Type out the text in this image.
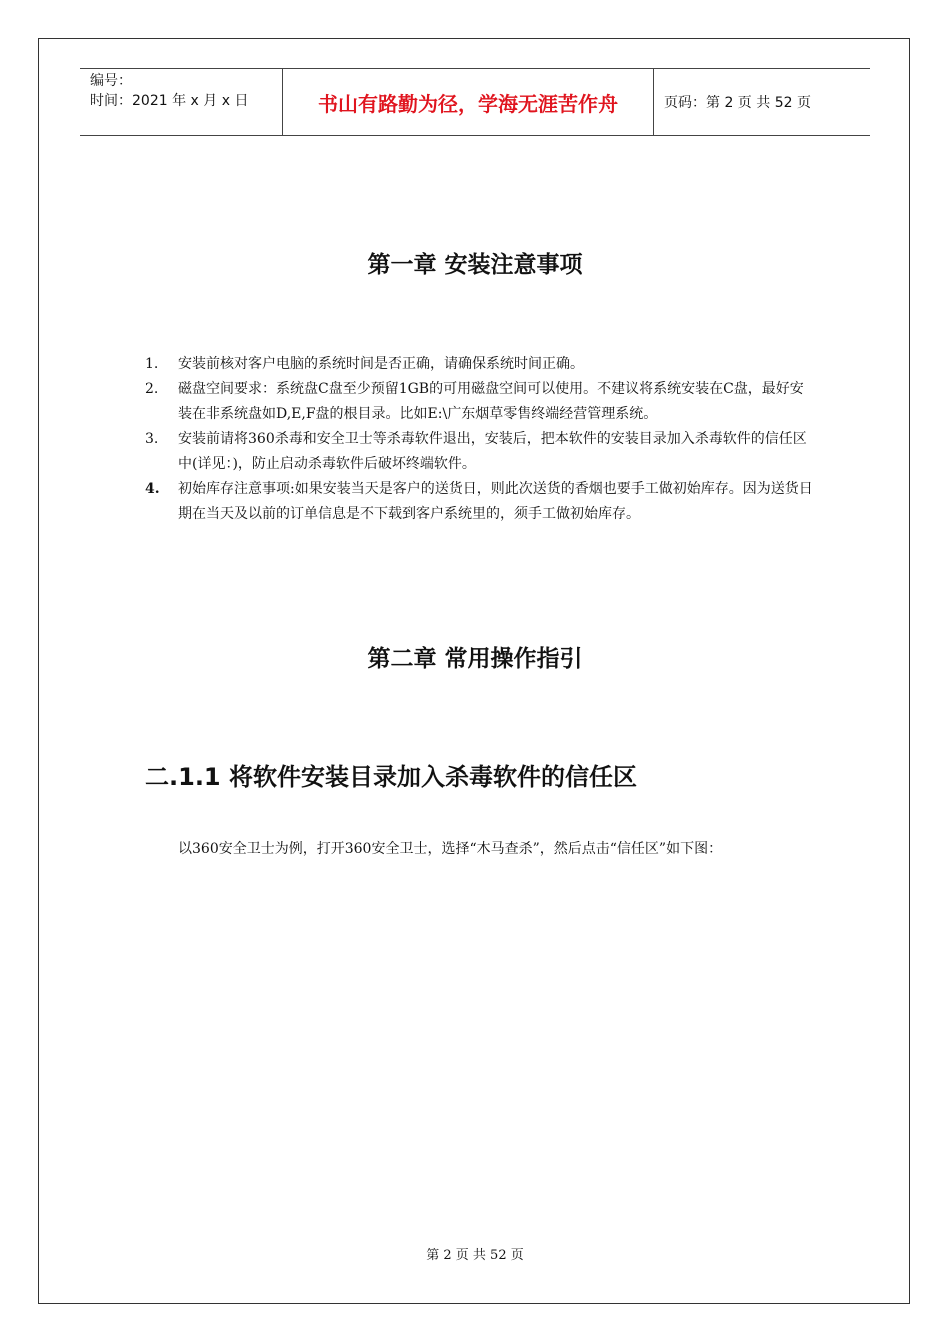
编号：
时间：2021 年 x 月 x 日	书山有路勤为径，学海无涯苦作舟	页码：第 2 页 共 52 页
第一章 安装注意事项
1.	安装前核对客户电脑的系统时间是否正确，请确保系统时间正确。
2.	磁盘空间要求：系统盘C盘至少预留1GB的可用磁盘空间可以使用。不建议将系统安装在C盘，最好安装在非系统盘如D,E,F盘的根目录。比如E:\广东烟草零售终端经营管理系统。
3.	安装前请将360杀毒和安全卫士等杀毒软件退出，安装后，把本软件的安装目录加入杀毒软件的信任区中(详见：)，防止启动杀毒软件后破坏终端软件。
4.	初始库存注意事项:如果安装当天是客户的送货日，则此次送货的香烟也要手工做初始库存。因为送货日期在当天及以前的订单信息是不下载到客户系统里的，须手工做初始库存。
第二章 常用操作指引
二.1.1 将软件安装目录加入杀毒软件的信任区
以360安全卫士为例，打开360安全卫士，选择“木马查杀”，然后点击“信任区”如下图：
第 2 页 共 52 页
